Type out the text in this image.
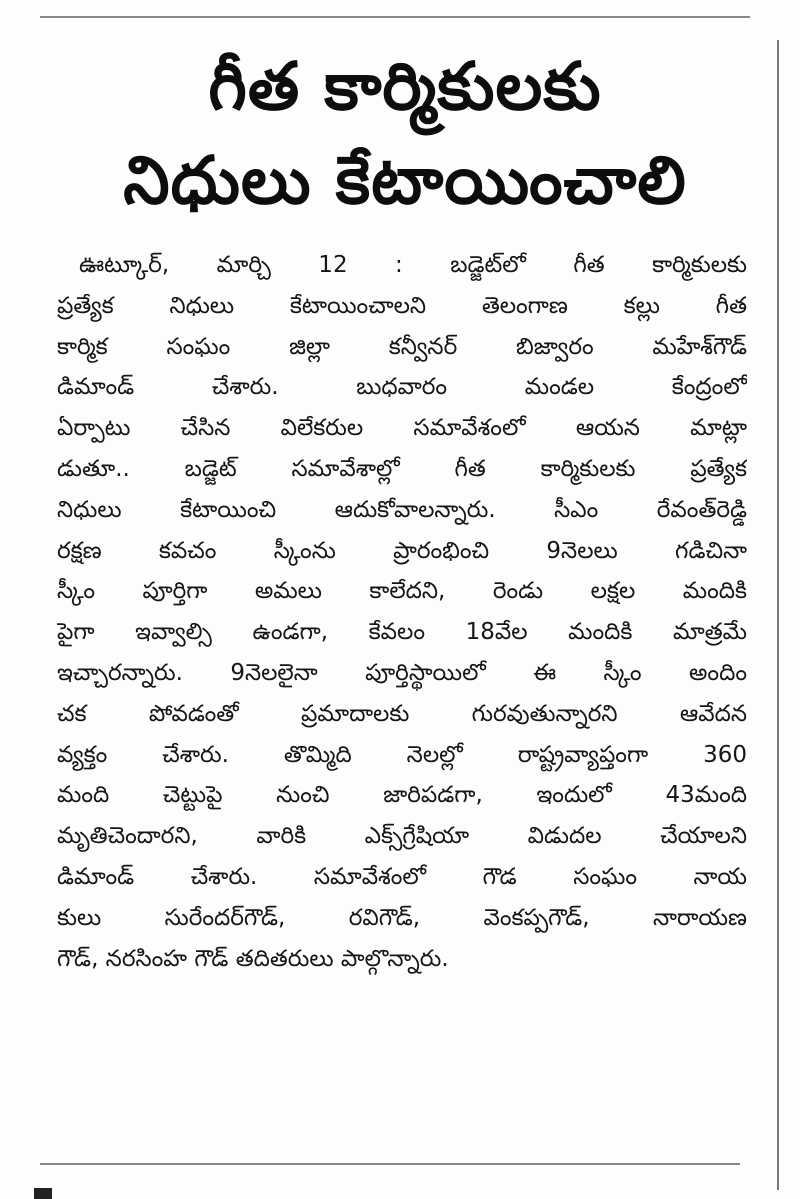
గీత కార్మికులకు
నిధులు కేటాయించాలి
ఊట్కూర్, మార్చి 12 : బడ్జెట్‌లో గీత కార్మికులకు
ప్రత్యేక నిధులు కేటాయించాలని తెలంగాణ కల్లు గీత
కార్మిక సంఘం జిల్లా కన్వీనర్ బిజ్వారం మహేశ్‌గౌడ్
డిమాండ్ చేశారు. బుధవారం మండల కేంద్రంలో
ఏర్పాటు చేసిన విలేకరుల సమావేశంలో ఆయన మాట్లా
డుతూ.. బడ్జెట్ సమావేశాల్లో గీత కార్మికులకు ప్రత్యేక
నిధులు కేటాయించి ఆదుకోవాలన్నారు. సీఎం రేవంత్‌రెడ్డి
రక్షణ కవచం స్కీంను ప్రారంభించి 9నెలలు గడిచినా
స్కీం పూర్తిగా అమలు కాలేదని, రెండు లక్షల మందికి
పైగా ఇవ్వాల్సి ఉండగా, కేవలం 18వేల మందికి మాత్రమే
ఇచ్చారన్నారు. 9నెలలైనా పూర్తిస్థాయిలో ఈ స్కీం అందిం
చక పోవడంతో ప్రమాదాలకు గురవుతున్నారని ఆవేదన
వ్యక్తం చేశారు. తొమ్మిది నెలల్లో రాష్ట్రవ్యాప్తంగా 360
మంది చెట్టుపై నుంచి జారిపడగా, ఇందులో 43మంది
మృతిచెందారని, వారికి ఎక్స్‌గ్రేషియా విడుదల చేయాలని
డిమాండ్ చేశారు. సమావేశంలో గౌడ సంఘం నాయ
కులు సురేందర్‌గౌడ్, రవిగౌడ్, వెంకప్పగౌడ్, నారాయణ
గౌడ్, నరసింహ గౌడ్ తదితరులు పాల్గొన్నారు.
